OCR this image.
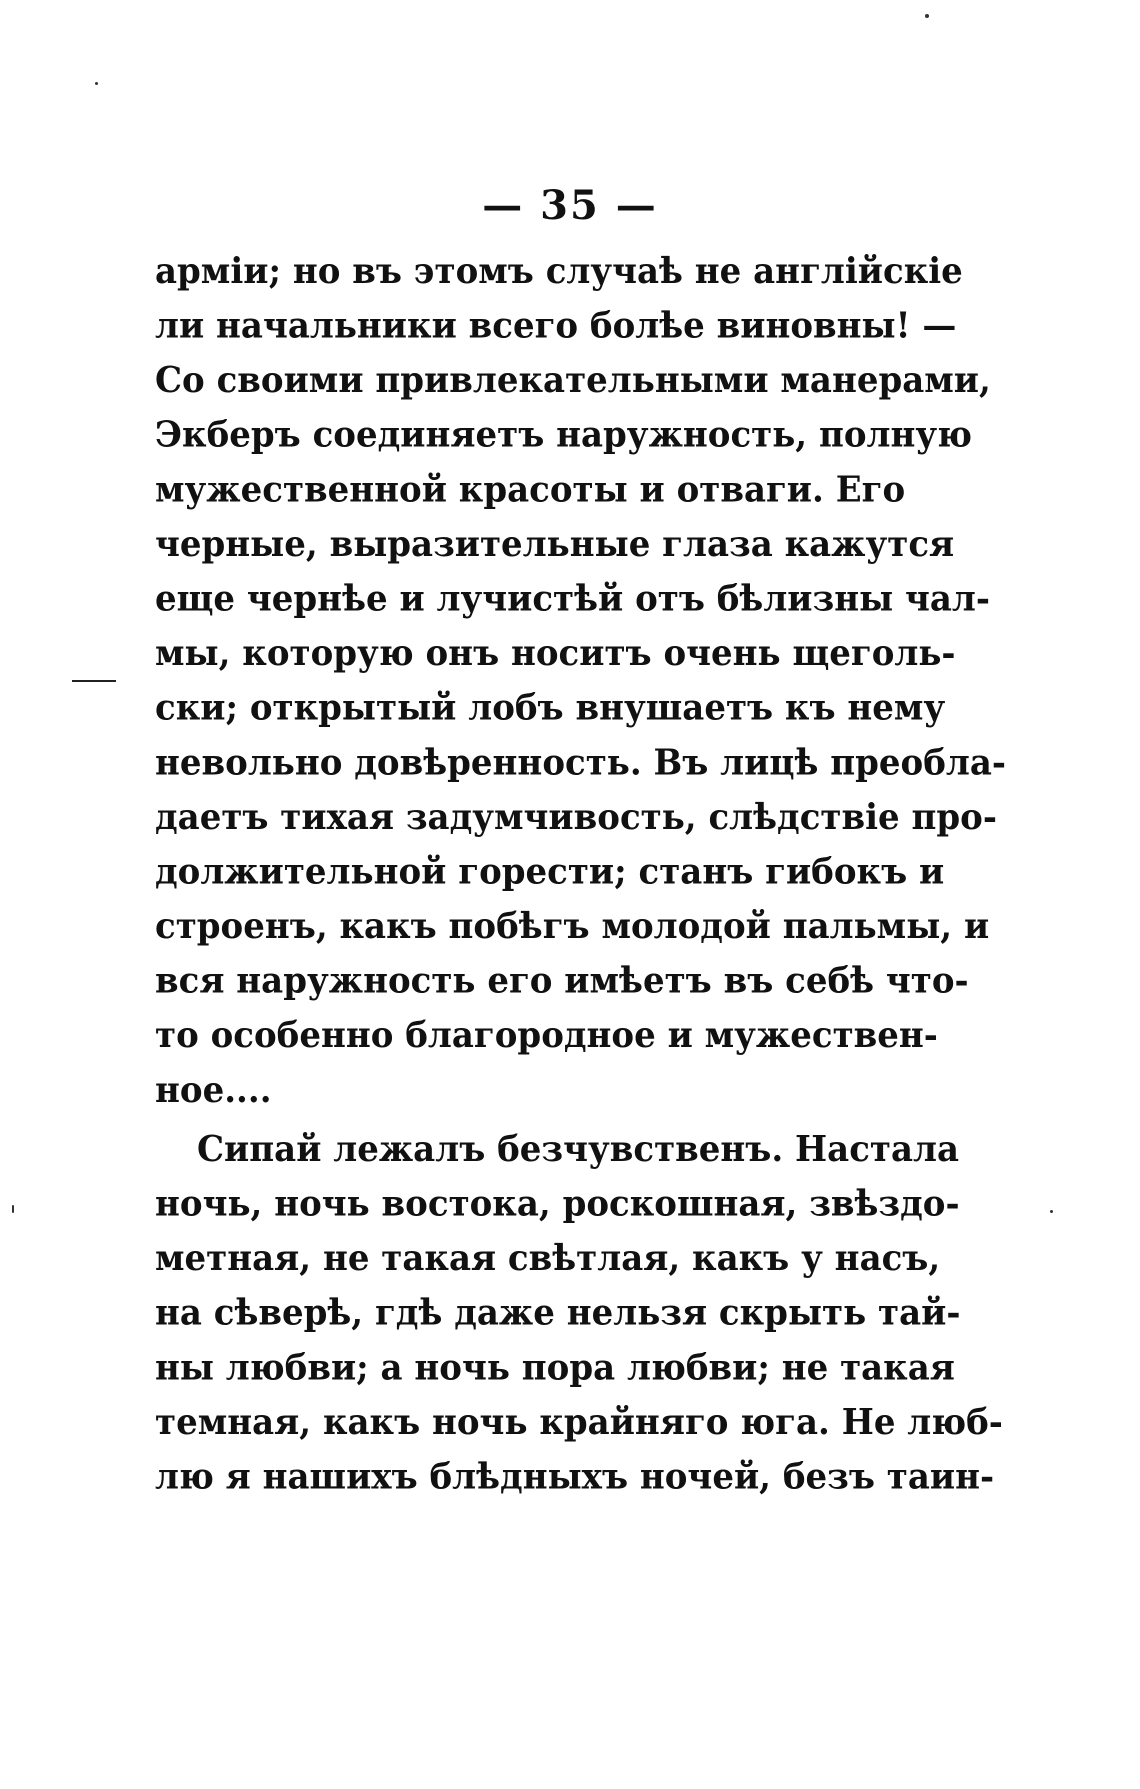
— 35 —
арміи; но въ этомъ случаѣ не англійскіе
ли начальники всего болѣе виновны! —
Со своими привлекательными манерами,
Экберъ соединяетъ наружность, полную
мужественной красоты и отваги. Его
черные, выразительные глаза кажутся
еще чернѣе и лучистѣй отъ бѣлизны чал-
мы, которую онъ носитъ очень щеголь-
ски; открытый лобъ внушаетъ къ нему
невольно довѣренность. Въ лицѣ преобла-
даетъ тихая задумчивость, слѣдствіе про-
должительной горести; станъ гибокъ и
строенъ, какъ побѣгъ молодой пальмы, и
вся наружность его имѣетъ въ себѣ что-
то особенно благородное и мужествен-
ное....
Сипай лежалъ безчувственъ. Настала
ночь, ночь востока, роскошная, звѣздо-
метная, не такая свѣтлая, какъ у насъ,
на сѣверѣ, гдѣ даже нельзя скрыть тай-
ны любви; а ночь пора любви; не такая
темная, какъ ночь крайняго юга. Не люб-
лю я нашихъ блѣдныхъ ночей, безъ таин-
